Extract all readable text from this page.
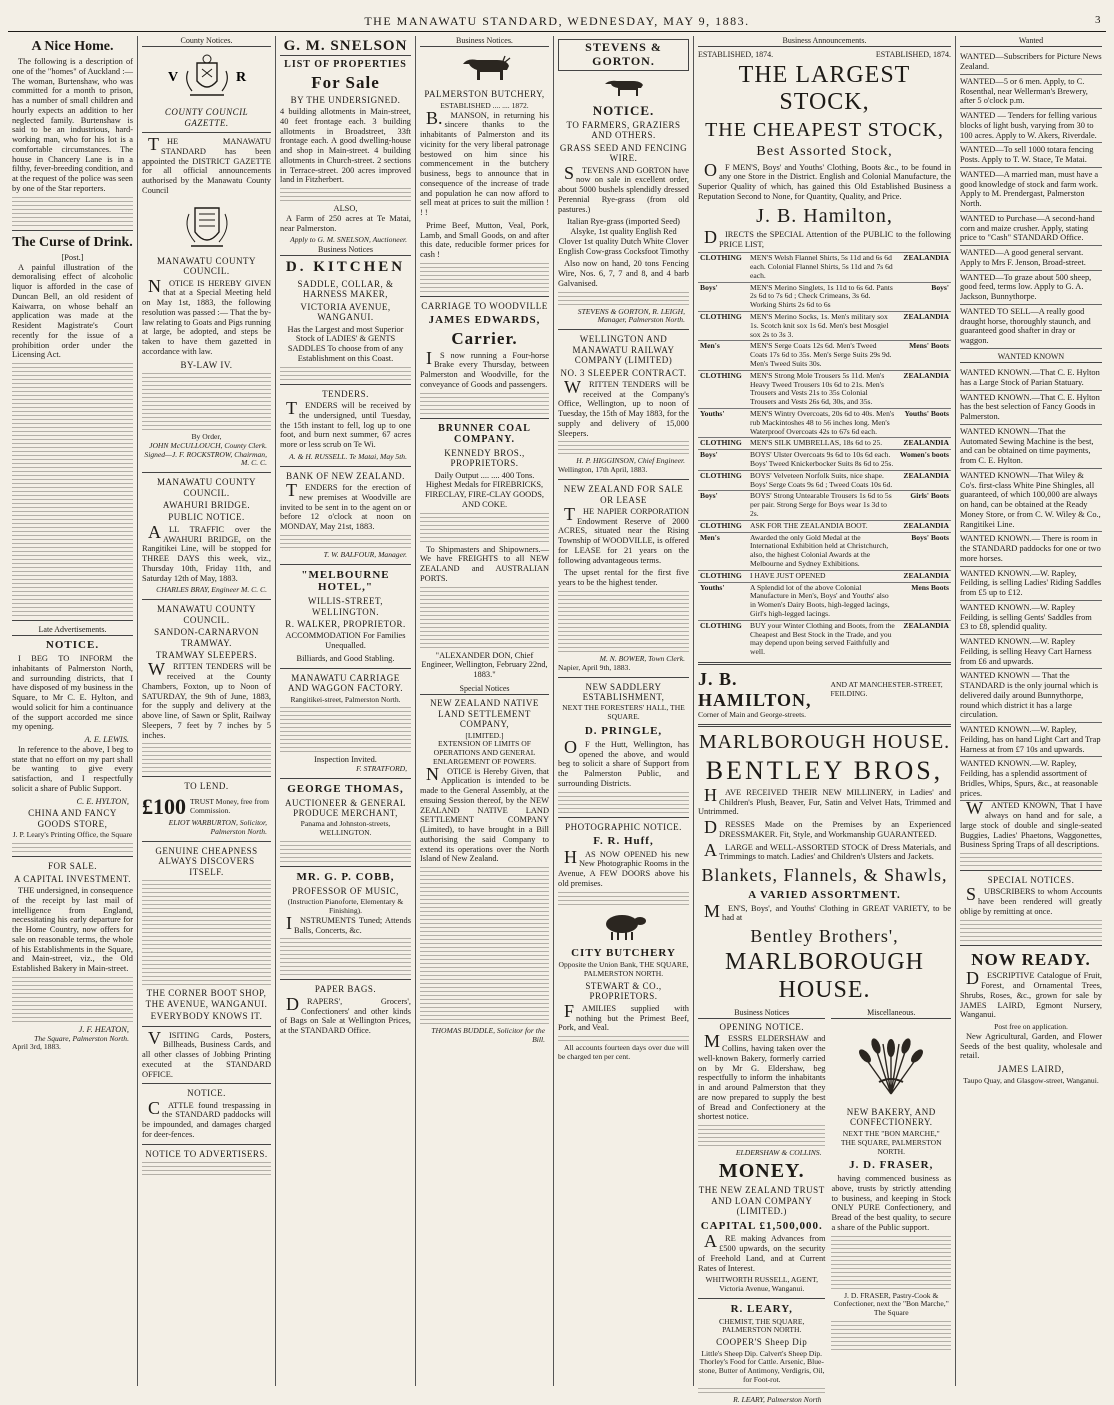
THE MANAWATU STANDARD, WEDNESDAY, MAY 9, 1883.	3
A Nice Home.

The following is a description of one of the "homes" of Auckland :—The woman, Burtenshaw, who was committed for a month to prison, has a number of small children and hourly expects an addition to her neglected family. Burtenshaw is said to be an industrious, hard-working man, who for his lot is a comfortable circumstances. The house in Chancery Lane is in a filthy, fever-breeding condition, and at the request of the police was seen by one of the Star reporters.

The Curse of Drink.
[Post.]

A painful illustration of the demoralising effect of alcoholic liquor is afforded in the case of Duncan Bell, an old resident of Kaiwarra, on whose behalf an application was made at the Resident Magistrate's Court recently for the issue of a prohibition order under the Licensing Act.

Late Advertisements.
NOTICE.

I BEG TO INFORM the inhabitants of Palmerston North, and surrounding districts, that I have disposed of my business in the Square, to Mr C. E. Hylton, and would solicit for him a continuance of the support accorded me since my opening.

A. E. LEWIS.

In reference to the above, I beg to state that no effort on my part shall be wanting to give every satisfaction, and I respectfully solicit a share of Public Support.

C. E. HYLTON,
CHINA AND FANCY GOODS STORE,
J. P. Leary's Printing Office, the Square
FOR SALE.
A CAPITAL INVESTMENT.

THE undersigned, in consequence of the receipt by last mail of intelligence from England, necessitating his early departure for the Home Country, now offers for sale on reasonable terms, the whole of his Establishments in the Square, and Main-street, viz., the Old Established Bakery in Main-street.

J. F. HEATON,
The Square, Palmerston North.
April 3rd, 1883.
County Notices.
V	R
COUNTY COUNCIL GAZETTE.

THE MANAWATU STANDARD has been appointed the DISTRICT GAZETTE for all official announcements authorised by the Manawatu County Council

MANAWATU COUNTY COUNCIL.

NOTICE IS HEREBY GIVEN that at a Special Meeting held on May 1st, 1883, the following resolution was passed :— That the by-law relating to Goats and Pigs running at large, be adopted, and steps be taken to have them gazetted in accordance with law.

BY-LAW IV.
By Order,
JOHN McCULLOUCH, County Clerk.
Signed—J. F. ROCKSTROW, Chairman, M. C. C.
MANAWATU COUNTY COUNCIL.
AWAHURI BRIDGE.
PUBLIC NOTICE.

ALL TRAFFIC over the AWAHURI BRIDGE, on the Rangitikei Line, will be stopped for THREE DAYS this week, viz., Thursday 10th, Friday 11th, and Saturday 12th of May, 1883.

CHARLES BRAY, Engineer M. C. C.
MANAWATU COUNTY COUNCIL.
SANDON-CARNARVON TRAMWAY.
TRAMWAY SLEEPERS.

WRITTEN TENDERS will be received at the County Chambers, Foxton, up to Noon of SATURDAY, the 9th of June, 1883, for the supply and delivery at the above line, of Sawn or Split, Railway Sleepers, 7 feet by 7 inches by 5 inches.

TO LEND.
£100 TRUST Money, free from Commission.
ELIOT WARBURTON, Solicitor, Palmerston North.
GENUINE CHEAPNESS ALWAYS DISCOVERS ITSELF.
THE CORNER BOOT SHOP, THE AVENUE, WANGANUI.
EVERYBODY KNOWS IT.

VISITING Cards, Posters, Billheads, Business Cards, and all other classes of Jobbing Printing executed at the STANDARD OFFICE.

NOTICE.

CATTLE found trespassing in the STANDARD paddocks will be impounded, and damages charged for deer-fences.

NOTICE TO ADVERTISERS.
G. M. SNELSON
LIST OF PROPERTIES
For Sale
BY THE UNDERSIGNED.

4 building allotments in Main-street, 40 feet frontage each. 3 building allotments in Broadstreet, 33ft frontage each. A good dwelling-house and shop in Main-street. 4 building allotments in Church-street. 2 sections in Terrace-street. 200 acres improved land in Fitzherbert.

ALSO,

A Farm of 250 acres at Te Matai, near Palmerston.

Apply to G. M. SNELSON, Auctioneer.
Business Notices
D. KITCHEN
SADDLE, COLLAR, & HARNESS MAKER,
VICTORIA AVENUE, WANGANUI.

Has the Largest and most Superior Stock of LADIES' & GENTS SADDLES To choose from of any Establishment on this Coast.

TENDERS.

TENDERS will be received by the undersigned, until Tuesday, the 15th instant to fell, log up to one foot, and burn next summer, 67 acres more or less scrub on Te Wi.

A. & H. RUSSELL. Te Matai, May 5th.
BANK OF NEW ZEALAND.

TENDERS for the erection of new premises at Woodville are invited to be sent in to the agent on or before 12 o'clock at noon on MONDAY, May 21st, 1883.

T. W. BALFOUR, Manager.
"MELBOURNE HOTEL,"
WILLIS-STREET, WELLINGTON.
R. WALKER, PROPRIETOR.

ACCOMMODATION For Families Unequalled.

Billiards, and Good Stabling.
MANAWATU CARRIAGE AND WAGGON FACTORY.
Rangitikei-street, Palmerston North.
Inspection Invited.
F. STRATFORD,
GEORGE THOMAS,
AUCTIONEER & GENERAL PRODUCE MERCHANT,
Panama and Johnston-streets, WELLINGTON.
MR. G. P. COBB,
PROFESSOR OF MUSIC,
(Instruction Pianoforte, Elementary & Finishing).

INSTRUMENTS Tuned; Attends Balls, Concerts, &c.

PAPER BAGS.

DRAPERS', Grocers', Confectioners' and other kinds of Bags on Sale at Wellington Prices, at the STANDARD Office.

Business Notices.
PALMERSTON BUTCHERY,
ESTABLISHED .... .... 1872.

B.MANSON, in returning his sincere thanks to the inhabitants of Palmerston and its vicinity for the very liberal patronage bestowed on him since his commencement in the butchery business, begs to announce that in consequence of the increase of trade and population he can now afford to sell meat at prices to suit the million ! ! !

Prime Beef, Mutton, Veal, Pork, Lamb, and Small Goods, on and after this date, reducible former prices for cash !

CARRIAGE TO WOODVILLE
JAMES EDWARDS,
Carrier.

IS now running a Four-horse Brake every Thursday, between Palmerston and Woodville, for the conveyance of Goods and passengers.

BRUNNER COAL COMPANY.
KENNEDY BROS., PROPRIETORS.
Daily Output .... .... 400 Tons.

Highest Medals for FIREBRICKS, FIRECLAY, FIRE-CLAY GOODS, AND COKE.

To Shipmasters and Shipowners.— We have FREIGHTS to all NEW ZEALAND and AUSTRALIAN PORTS.

"ALEXANDER DON, Chief Engineer, Wellington, February 22nd, 1883."
Special Notices
NEW ZEALAND NATIVE LAND SETTLEMENT COMPANY,
[LIMITED.]
EXTENSION OF LIMITS OF OPERATIONS AND GENERAL ENLARGEMENT OF POWERS.

NOTICE is Hereby Given, that Application is intended to be made to the General Assembly, at the ensuing Session thereof, by the NEW ZEALAND NATIVE LAND SETTLEMENT COMPANY (Limited), to have brought in a Bill authorising the said Company to extend its operations over the North Island of New Zealand.

THOMAS BUDDLE, Solicitor for the Bill.
STEVENS & GORTON.
NOTICE.
TO FARMERS, GRAZIERS AND OTHERS.
GRASS SEED AND FENCING WIRE.

STEVENS AND GORTON have now on sale in excellent order, about 5000 bushels splendidly dressed Perennial Rye-grass (from old pastures.)

Italian Rye-grass (imported Seed) Alsyke, 1st quality English Red Clover 1st quality Dutch White Clover English Cow-grass Cocksfoot Timothy

Also now on hand, 20 tons Fencing Wire, Nos. 6, 7, 7 and 8, and 4 barb Galvanised.

STEVENS & GORTON, R. LEIGH, Manager, Palmerston North.
WELLINGTON AND MANAWATU RAILWAY COMPANY (LIMITED)
NO. 3 SLEEPER CONTRACT.

WRITTEN TENDERS will be received at the Company's Office, Wellington, up to noon of Tuesday, the 15th of May 1883, for the supply and delivery of 15,000 Sleepers.

H. P. HIGGINSON, Chief Engineer.
Wellington, 17th April, 1883.
NEW ZEALAND FOR SALE OR LEASE

THE NAPIER CORPORATION Endowment Reserve of 2000 ACRES, situated near the Rising Township of WOODVILLE, is offered for LEASE for 21 years on the following advantageous terms.

The upset rental for the first five years to be the highest tender.

M. N. BOWER, Town Clerk.
Napier, April 9th, 1883.
NEW SADDLERY ESTABLISHMENT,
NEXT THE FORESTERS' HALL, THE SQUARE.
D. PRINGLE,

OF the Hutt, Wellington, has opened the above, and would beg to solicit a share of Support from the Palmerston Public, and surrounding Districts.

PHOTOGRAPHIC NOTICE.
F. R. Huff,

HAS NOW OPENED his new New Photographic Rooms in the Avenue, A FEW DOORS above his old premises.

CITY BUTCHERY
Opposite the Union Bank, THE SQUARE, PALMERSTON NORTH.
STEWART & CO., PROPRIETORS.

FAMILIES supplied with nothing but the Primest Beef, Pork, and Veal.

All accounts fourteen days over due will be charged ten per cent.

Business Announcements.
ESTABLISHED, 1874.	ESTABLISHED, 1874.
THE LARGEST STOCK,
THE CHEAPEST STOCK,
Best Assorted Stock,

OF MEN'S, Boys' and Youths' Clothing, Boots &c., to be found in any one Store in the District. English and Colonial Manufacture, the Superior Quality of which, has gained this Old Established Business a Reputation Second to None, for Quantity, Quality, and Price.

J. B. Hamilton,

DIRECTS the SPECIAL Attention of the PUBLIC to the following PRICE LIST,

CLOTHING	MEN'S Welsh Flannel Shirts, 5s 11d and 6s 6d each. Colonial Flannel Shirts, 5s 11d and 7s 6d each.	ZEALANDIA
Boys'	MEN'S Merino Singlets, 1s 11d to 6s 6d. Pants 2s 6d to 7s 6d ; Check Crimeans, 3s 6d. Working Shirts 2s 6d to 6s	Boys'
CLOTHING	MEN'S Merino Socks, 1s. Men's military sox 1s. Scotch knit sox 1s 6d. Men's best Mosgiel sox 2s to 3s 3.	ZEALANDIA
Men's	MEN'S Serge Coats 12s 6d. Men's Tweed Coats 17s 6d to 35s. Men's Serge Suits 29s 9d. Men's Tweed Suits 30s.	Mens' Boots
CLOTHING	MEN'S Strong Mole Trousers 5s 11d. Men's Heavy Tweed Trousers 10s 6d to 21s. Men's Trousers and Vests 21s to 35s Colonial Trousers and Vests 26s 6d, 30s, and 35s.	ZEALANDIA
Youths'	MEN'S Wintry Overcoats, 20s 6d to 40s. Men's rub Mackintoshes 48 to 56 inches long. Men's Waterproof Overcoats 42s to 67s 6d each.	Youths' Boots
CLOTHING	MEN'S SILK UMBRELLAS, 18s 6d to 25.	ZEALANDIA
Boys'	BOYS' Ulster Overcoats 9s 6d to 10s 6d each. Boys' Tweed Knickerbocker Suits 8s 6d to 25s.	Women's boots
CLOTHING	BOYS' Velveteen Norfolk Suits, nice shape. Boys' Serge Coats 9s 6d ; Tweed Coats 10s 6d.	ZEALANDIA
Boys'	BOYS' Strong Untearable Trousers 1s 6d to 5s per pair. Strong Serge for Boys wear 1s 3d to 2s.	Girls' Boots
CLOTHING	ASK FOR THE ZEALANDIA BOOT.	ZEALANDIA
Men's	Awarded the only Gold Medal at the International Exhibition held at Christchurch, also, the highest Colonial Awards at the Melbourne and Sydney Exhibitions.	Boys' Boots
CLOTHING	I HAVE JUST OPENED	ZEALANDIA
Youths'	A Splendid lot of the above Colonial Manufacture in Men's, Boys' and Youths' also in Women's Dairy Boots, high-legged lacings, Girl's high-legged lacings.	Mens Boots
CLOTHING	BUY your Winter Clothing and Boots, from the Cheapest and Best Stock in the Trade, and you may depend upon being served Faithfully and well.	ZEALANDIA
J. B. HAMILTON,
AND AT MANCHESTER-STREET, FEILDING.
Corner of Main and George-streets.
MARLBOROUGH HOUSE.
BENTLEY BROS,

HAVE RECEIVED THEIR NEW MILLINERY, in Ladies' and Children's Plush, Beaver, Fur, Satin and Velvet Hats, Trimmed and Untrimmed.

DRESSES Made on the Premises by an Experienced DRESSMAKER. Fit, Style, and Workmanship GUARANTEED.

ALARGE and WELL-ASSORTED STOCK of Dress Materials, and Trimmings to match. Ladies' and Children's Ulsters and Jackets.

Blankets, Flannels, & Shawls,
A VARIED ASSORTMENT.

MEN'S, Boys', and Youths' Clothing in GREAT VARIETY, to be had at

Bentley Brothers',
MARLBOROUGH HOUSE.
Business Notices
OPENING NOTICE.

MESSRS ELDERSHAW and Collins, having taken over the well-known Bakery, formerly carried on by Mr G. Eldershaw, beg respectfully to inform the inhabitants in and around Palmerston that they are now prepared to supply the best of Bread and Confectionery at the shortest notice.

ELDERSHAW & COLLINS.
MONEY.
THE NEW ZEALAND TRUST AND LOAN COMPANY (LIMITED.)
CAPITAL £1,500,000.

ARE making Advances from £500 upwards, on the security of Freehold Land, and at Current Rates of Interest.

WHITWORTH RUSSELL, AGENT, Victoria Avenue, Wanganui.
R. LEARY,
CHEMIST, THE SQUARE, PALMERSTON NORTH.
COOPER'S Sheep Dip

Little's Sheep Dip. Calvert's Sheep Dip. Thorley's Food for Cattle. Arsenic, Blue-stone, Butter of Antimony, Verdigris, Oil, for Foot-rot.

R. LEARY, Palmerston North
Miscellaneous.
NEW BAKERY, AND CONFECTIONERY.
NEXT THE "BON MARCHE,"
THE SQUARE, PALMERSTON NORTH.
J. D. FRASER,

having commenced business as above, trusts by strictly attending to business, and keeping in Stock ONLY PURE Confectionery, and Bread of the best quality, to secure a share of the Public support.

J. D. FRASER, Pastry-Cook & Confectioner, next the "Bon Marche," The Square

Wanted
WANTED—Subscribers for Picture News Zealand.
WANTED—5 or 6 men. Apply, to C. Rosenthal, near Wellerman's Brewery, after 5 o'clock p.m.
WANTED — Tenders for felling various blocks of light bush, varying from 30 to 100 acres. Apply to W. Akers, Riverdale.
WANTED—To sell 1000 totara fencing Posts. Apply to T. W. Stace, Te Matai.
WANTED—A married man, must have a good knowledge of stock and farm work. Apply to M. Prendergast, Palmerston North.
WANTED to Purchase—A second-hand corn and maize crusher. Apply, stating price to "Cash" STANDARD Office.
WANTED—A good general servant. Apply to Mrs F. Jenson, Broad-street.
WANTED—To graze about 500 sheep, good feed, terms low. Apply to G. A. Jackson, Bunnythorpe.
WANTED TO SELL—A really good draught horse, thoroughly staunch, and guaranteed good shafter in dray or waggon.
WANTED KNOWN
WANTED KNOWN.—That C. E. Hylton has a Large Stock of Parian Statuary.
WANTED KNOWN.—That C. E. Hylton has the best selection of Fancy Goods in Palmerston.
WANTED KNOWN—That the Automated Sewing Machine is the best, and can be obtained on time payments, from C. E. Hylton.
WANTED KNOWN—That Wiley & Co's. first-class White Pine Shingles, all guaranteed, of which 100,000 are always on hand, can be obtained at the Ready Money Store, or from C. W. Wiley & Co., Rangitikei Line.
WANTED KNOWN.— There is room in the STANDARD paddocks for one or two more horses.
WANTED KNOWN.—W. Rapley, Feilding, is selling Ladies' Riding Saddles from £5 up to £12.
WANTED KNOWN.—W. Rapley Feilding, is selling Gents' Saddles from £3 to £8, splendid quality.
WANTED KNOWN.—W. Rapley Feilding, is selling Heavy Cart Harness from £6 and upwards.
WANTED KNOWN — That the STANDARD is the only journal which is delivered daily around Bunnythorpe, round which district it has a large circulation.
WANTED KNOWN.—W. Rapley, Feilding, has on hand Light Cart and Trap Harness at from £7 10s and upwards.
WANTED KNOWN.—W. Rapley, Feilding, has a splendid assortment of Bridles, Whips, Spurs, &c., at reasonable prices.

WANTED KNOWN, That I have always on hand and for sale, a large stock of double and single-seated Buggies, Ladies' Phaetons, Waggonettes, Business Spring Traps of all descriptions.

SPECIAL NOTICES.

SUBSCRIBERS to whom Accounts have been rendered will greatly oblige by remitting at once.

NOW READY.

DESCRIPTIVE Catalogue of Fruit, Forest, and Ornamental Trees, Shrubs, Roses, &c., grown for sale by JAMES LAIRD, Egmont Nursery, Wanganui.

Post free on application.

New Agricultural, Garden, and Flower Seeds of the best quality, wholesale and retail.

JAMES LAIRD,
Taupo Quay, and Glasgow-street, Wanganui.
